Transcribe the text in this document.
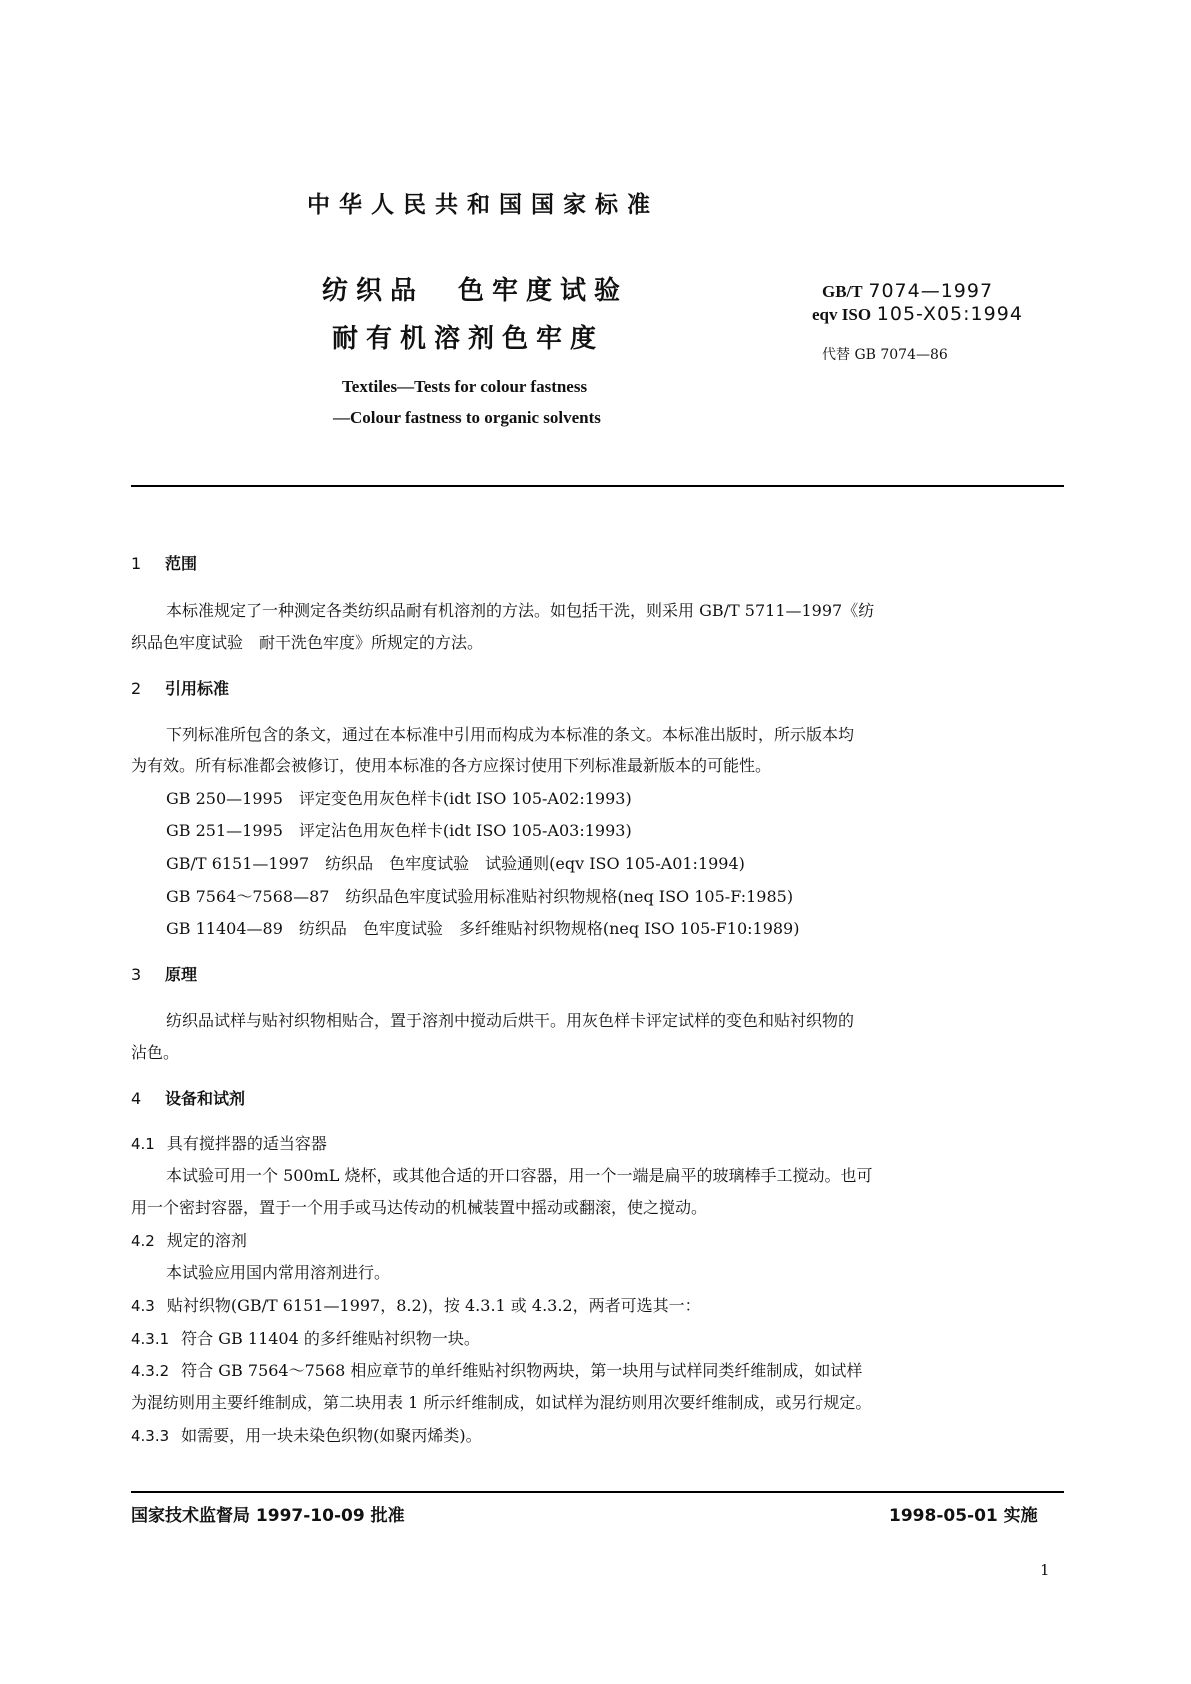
中华人民共和国国家标准
纺织品　色牢度试验
耐有机溶剂色牢度
GB/T 7074—1997
eqv ISO 105-X05:1994
代替 GB 7074—86
Textiles—Tests for colour fastness
—Colour fastness to organic solvents
1 范围
本标准规定了一种测定各类纺织品耐有机溶剂的方法。如包括干洗，则采用 GB/T 5711—1997《纺
织品色牢度试验　耐干洗色牢度》所规定的方法。
2 引用标准
下列标准所包含的条文，通过在本标准中引用而构成为本标准的条文。本标准出版时，所示版本均
为有效。所有标准都会被修订，使用本标准的各方应探讨使用下列标准最新版本的可能性。
GB 250—1995　评定变色用灰色样卡(idt ISO 105-A02:1993)
GB 251—1995　评定沾色用灰色样卡(idt ISO 105-A03:1993)
GB/T 6151—1997　纺织品　色牢度试验　试验通则(eqv ISO 105-A01:1994)
GB 7564～7568—87　纺织品色牢度试验用标准贴衬织物规格(neq ISO 105-F:1985)
GB 11404—89　纺织品　色牢度试验　多纤维贴衬织物规格(neq ISO 105-F10:1989)
3 原理
纺织品试样与贴衬织物相贴合，置于溶剂中搅动后烘干。用灰色样卡评定试样的变色和贴衬织物的
沾色。
4 设备和试剂
4.1 具有搅拌器的适当容器
本试验可用一个 500mL 烧杯，或其他合适的开口容器，用一个一端是扁平的玻璃棒手工搅动。也可
用一个密封容器，置于一个用手或马达传动的机械装置中摇动或翻滚，使之搅动。
4.2 规定的溶剂
本试验应用国内常用溶剂进行。
4.3 贴衬织物(GB/T 6151—1997，8.2)，按 4.3.1 或 4.3.2，两者可选其一：
4.3.1 符合 GB 11404 的多纤维贴衬织物一块。
4.3.2 符合 GB 7564～7568 相应章节的单纤维贴衬织物两块，第一块用与试样同类纤维制成，如试样
为混纺则用主要纤维制成，第二块用表 1 所示纤维制成，如试样为混纺则用次要纤维制成，或另行规定。
4.3.3 如需要，用一块未染色织物(如聚丙烯类)。
国家技术监督局 1997-10-09 批准	1998-05-01 实施
1
